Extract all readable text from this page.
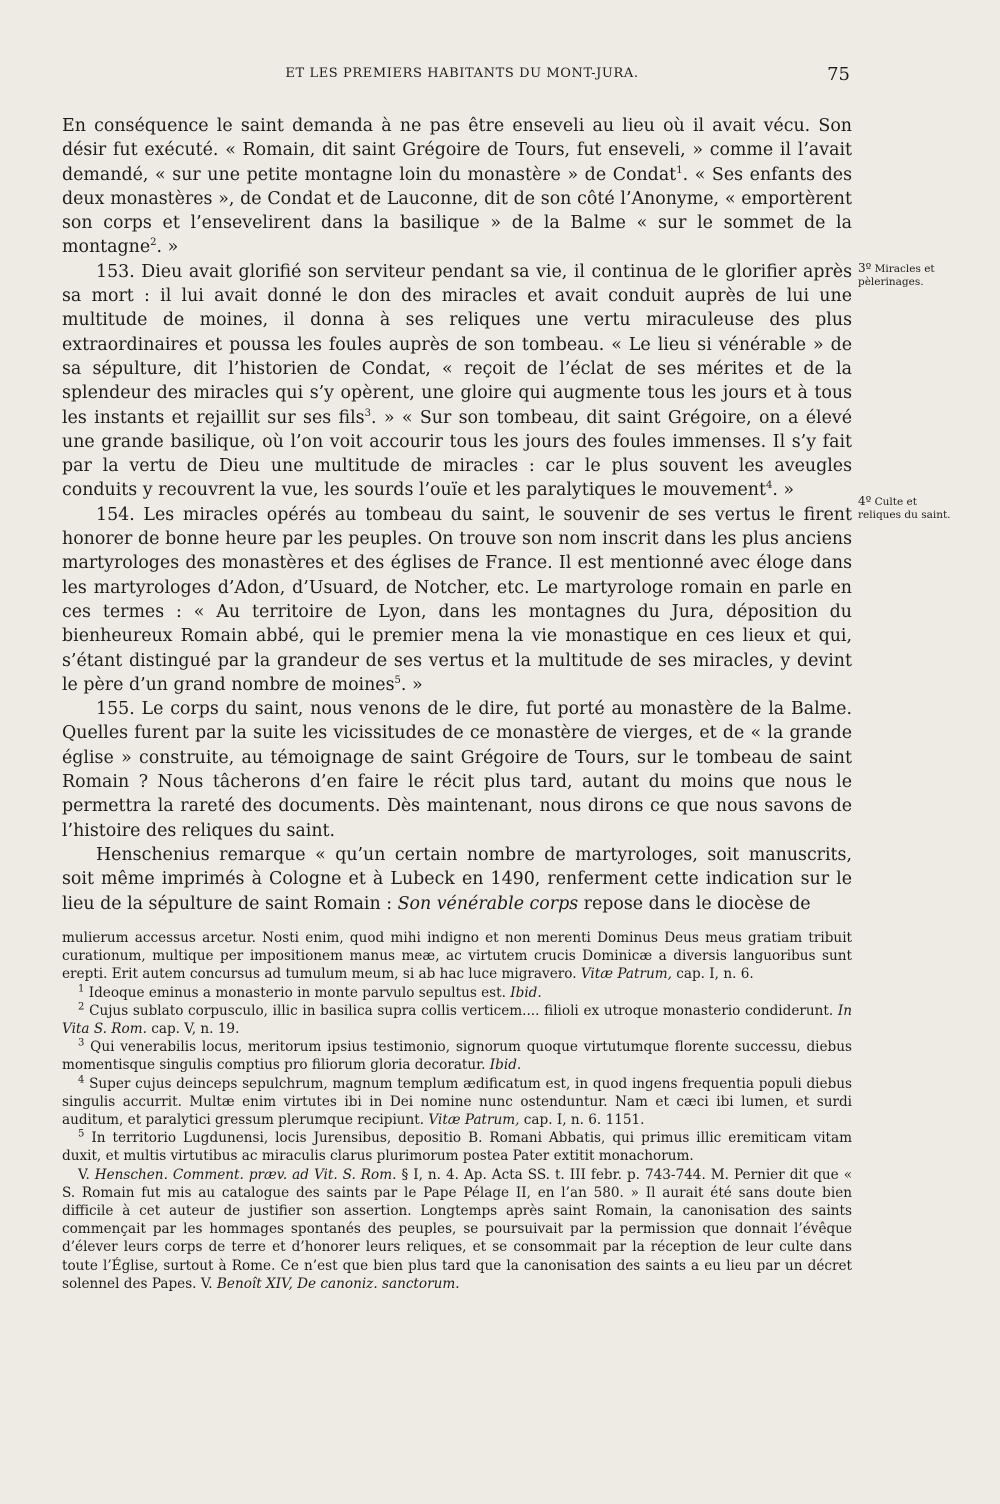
ET LES PREMIERS HABITANTS DU MONT-JURA.	75

En conséquence le saint demanda à ne pas être enseveli au lieu où il avait vécu. Son désir fut exécuté. « Romain, dit saint Grégoire de Tours, fut enseveli, » comme il l’avait demandé, « sur une petite montagne loin du monastère » de Condat$^1$. « Ses enfants des deux monastères », de Condat et de Lauconne, dit de son côté l’Anonyme, « emportèrent son corps et l’ensevelirent dans la basilique » de la Balme « sur le sommet de la montagne$^2$. »

153. Dieu avait glorifié son serviteur pendant sa vie, il continua de le glorifier après sa mort : il lui avait donné le don des miracles et avait conduit auprès de lui une multitude de moines, il donna à ses reliques une vertu miraculeuse des plus extraordinaires et poussa les foules auprès de son tombeau. « Le lieu si vénérable » de sa sépulture, dit l’historien de Condat, « reçoit de l’éclat de ses mérites et de la splendeur des miracles qui s’y opèrent, une gloire qui augmente tous les jours et à tous les instants et rejaillit sur ses fils$^3$. » « Sur son tombeau, dit saint Grégoire, on a élevé une grande basilique, où l’on voit accourir tous les jours des foules immenses. Il s’y fait par la vertu de Dieu une multitude de miracles : car le plus souvent les aveugles conduits y recouvrent la vue, les sourds l’ouïe et les paralytiques le mouvement$^4$. »

154. Les miracles opérés au tombeau du saint, le souvenir de ses vertus le firent honorer de bonne heure par les peuples. On trouve son nom inscrit dans les plus anciens martyrologes des monastères et des églises de France. Il est mentionné avec éloge dans les martyrologes d’Adon, d’Usuard, de Notcher, etc. Le martyrologe romain en parle en ces termes : « Au territoire de Lyon, dans les montagnes du Jura, déposition du bienheureux Romain abbé, qui le premier mena la vie monastique en ces lieux et qui, s’étant distingué par la grandeur de ses vertus et la multitude de ses miracles, y devint le père d’un grand nombre de moines$^5$. »

155. Le corps du saint, nous venons de le dire, fut porté au monastère de la Balme. Quelles furent par la suite les vicissitudes de ce monastère de vierges, et de « la grande église » construite, au témoignage de saint Grégoire de Tours, sur le tombeau de saint Romain ? Nous tâcherons d’en faire le récit plus tard, autant du moins que nous le permettra la rareté des documents. Dès maintenant, nous dirons ce que nous savons de l’histoire des reliques du saint.

Henschenius remarque « qu’un certain nombre de martyrologes, soit manuscrits, soit même imprimés à Cologne et à Lubeck en 1490, renferment cette indication sur le lieu de la sépulture de saint Romain : Son vénérable corps repose dans le diocèse de

3º Miracles et pèlerinages.
4º Culte et reliques du saint.

mulierum accessus arcetur. Nosti enim, quod mihi indigno et non merenti Dominus Deus meus gratiam tribuit curationum, multique per impositionem manus meæ, ac virtutem crucis Dominicæ a diversis languoribus sunt erepti. Erit autem concursus ad tumulum meum, si ab hac luce migravero. Vitæ Patrum, cap. I, n. 6.

$^1$ Ideoque eminus a monasterio in monte parvulo sepultus est. Ibid.

$^2$ Cujus sublato corpusculo, illic in basilica supra collis verticem.... filioli ex utroque monasterio condiderunt. In Vita S. Rom. cap. V, n. 19.

$^3$ Qui venerabilis locus, meritorum ipsius testimonio, signorum quoque virtutumque florente successu, diebus momentisque singulis comptius pro filiorum gloria decoratur. Ibid.

$^4$ Super cujus deinceps sepulchrum, magnum templum ædificatum est, in quod ingens frequentia populi diebus singulis accurrit. Multæ enim virtutes ibi in Dei nomine nunc ostenduntur. Nam et cæci ibi lumen, et surdi auditum, et paralytici gressum plerumque recipiunt. Vitæ Patrum, cap. I, n. 6. 1151.

$^5$ In territorio Lugdunensi, locis Jurensibus, depositio B. Romani Abbatis, qui primus illic eremiticam vitam duxit, et multis virtutibus ac miraculis clarus plurimorum postea Pater extitit monachorum.

V. Henschen. Comment. præv. ad Vit. S. Rom. § I, n. 4. Ap. Acta SS. t. III febr. p. 743-744. M. Pernier dit que « S. Romain fut mis au catalogue des saints par le Pape Pélage II, en l’an 580. » Il aurait été sans doute bien difficile à cet auteur de justifier son assertion. Longtemps après saint Romain, la canonisation des saints commençait par les hommages spontanés des peuples, se poursuivait par la permission que donnait l’évêque d’élever leurs corps de terre et d’honorer leurs reliques, et se consommait par la réception de leur culte dans toute l’Église, surtout à Rome. Ce n’est que bien plus tard que la canonisation des saints a eu lieu par un décret solennel des Papes. V. Benoît XIV, De canoniz. sanctorum.
